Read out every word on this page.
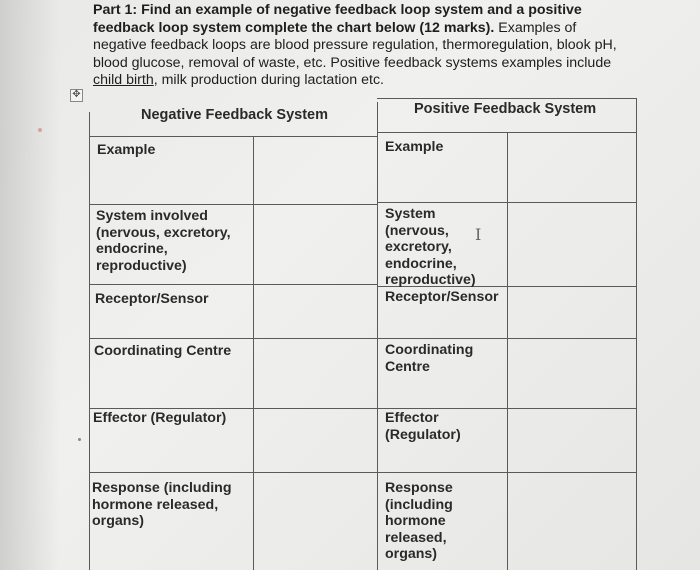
Part 1: Find an example of negative feedback loop system and a positive
feedback loop system complete the chart below (12 marks). Examples of
negative feedback loops are blood pressure regulation, thermoregulation, blook pH,
blood glucose, removal of waste, etc. Positive feedback systems examples include
child birth, milk production during lactation etc.
✥
Negative Feedback System	Positive Feedback System
Example
System involved
(nervous, excretory,
endocrine,
reproductive)
Receptor/Sensor
Coordinating Centre
Effector (Regulator)
Response (including
hormone released,
organs)
Example
System
(nervous,
excretory,
endocrine,
reproductive)
Receptor/Sensor
Coordinating
Centre
Effector
(Regulator)
Response
(including
hormone
released,
organs)
I
